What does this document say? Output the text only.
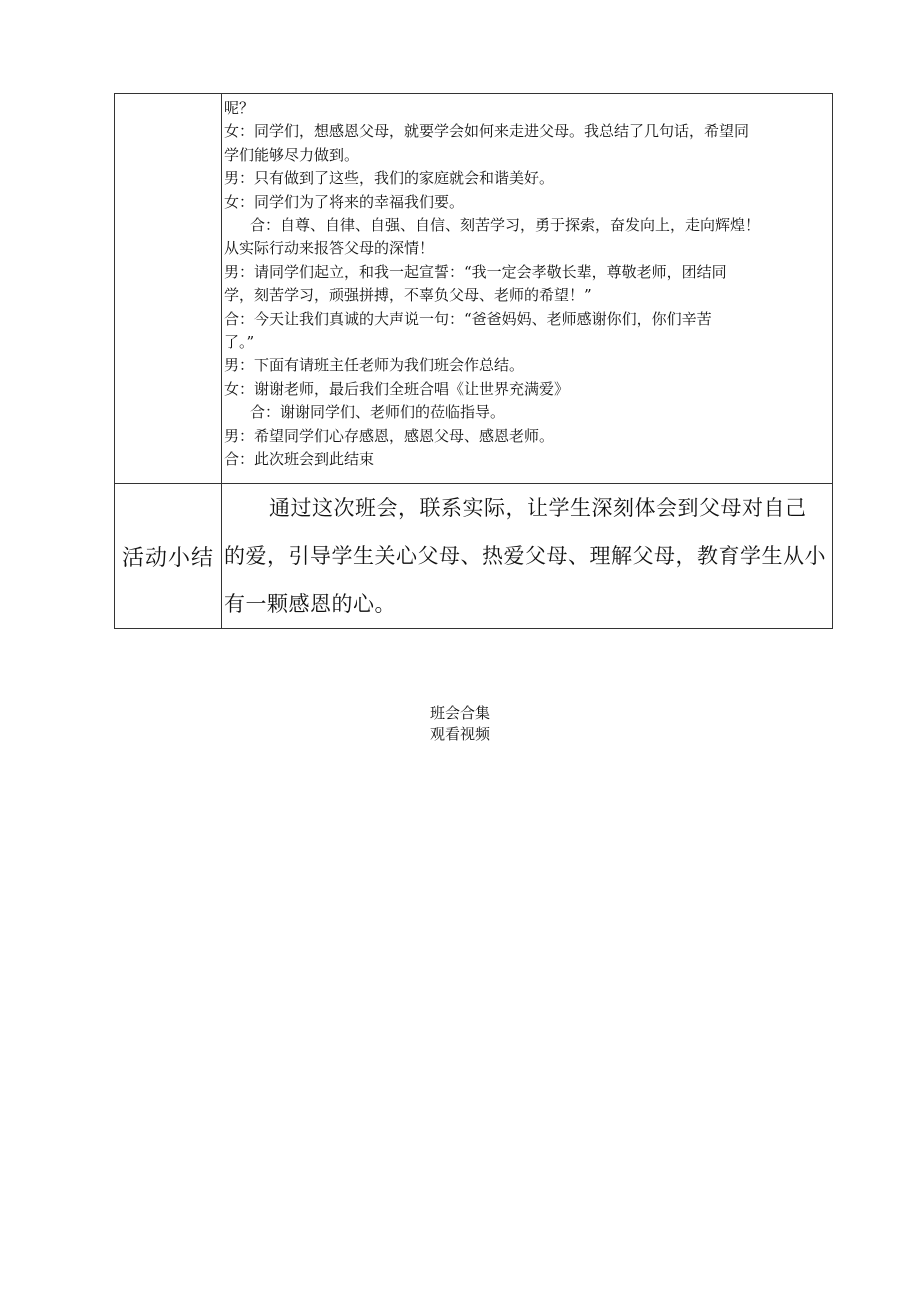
呢？
女：同学们，想感恩父母，就要学会如何来走进父母。我总结了几句话，希望同
学们能够尽力做到。
男：只有做到了这些，我们的家庭就会和谐美好。
女：同学们为了将来的幸福我们要。
合：自尊、自律、自强、自信、刻苦学习，勇于探索，奋发向上，走向辉煌！
从实际行动来报答父母的深情！
男：请同学们起立，和我一起宣誓：“我一定会孝敬长辈，尊敬老师，团结同
学，刻苦学习，顽强拼搏，不辜负父母、老师的希望！”
合：今天让我们真诚的大声说一句：“爸爸妈妈、老师感谢你们，你们辛苦
了。”
男：下面有请班主任老师为我们班会作总结。
女：谢谢老师，最后我们全班合唱《让世界充满爱》
合：谢谢同学们、老师们的莅临指导。
男：希望同学们心存感恩，感恩父母、感恩老师。
合：此次班会到此结束
活动小结
通过这次班会，联系实际，让学生深刻体会到父母对自己的爱，引导学生关心父母、热爱父母、理解父母，教育学生从小有一颗感恩的心。
班会合集
观看视频
